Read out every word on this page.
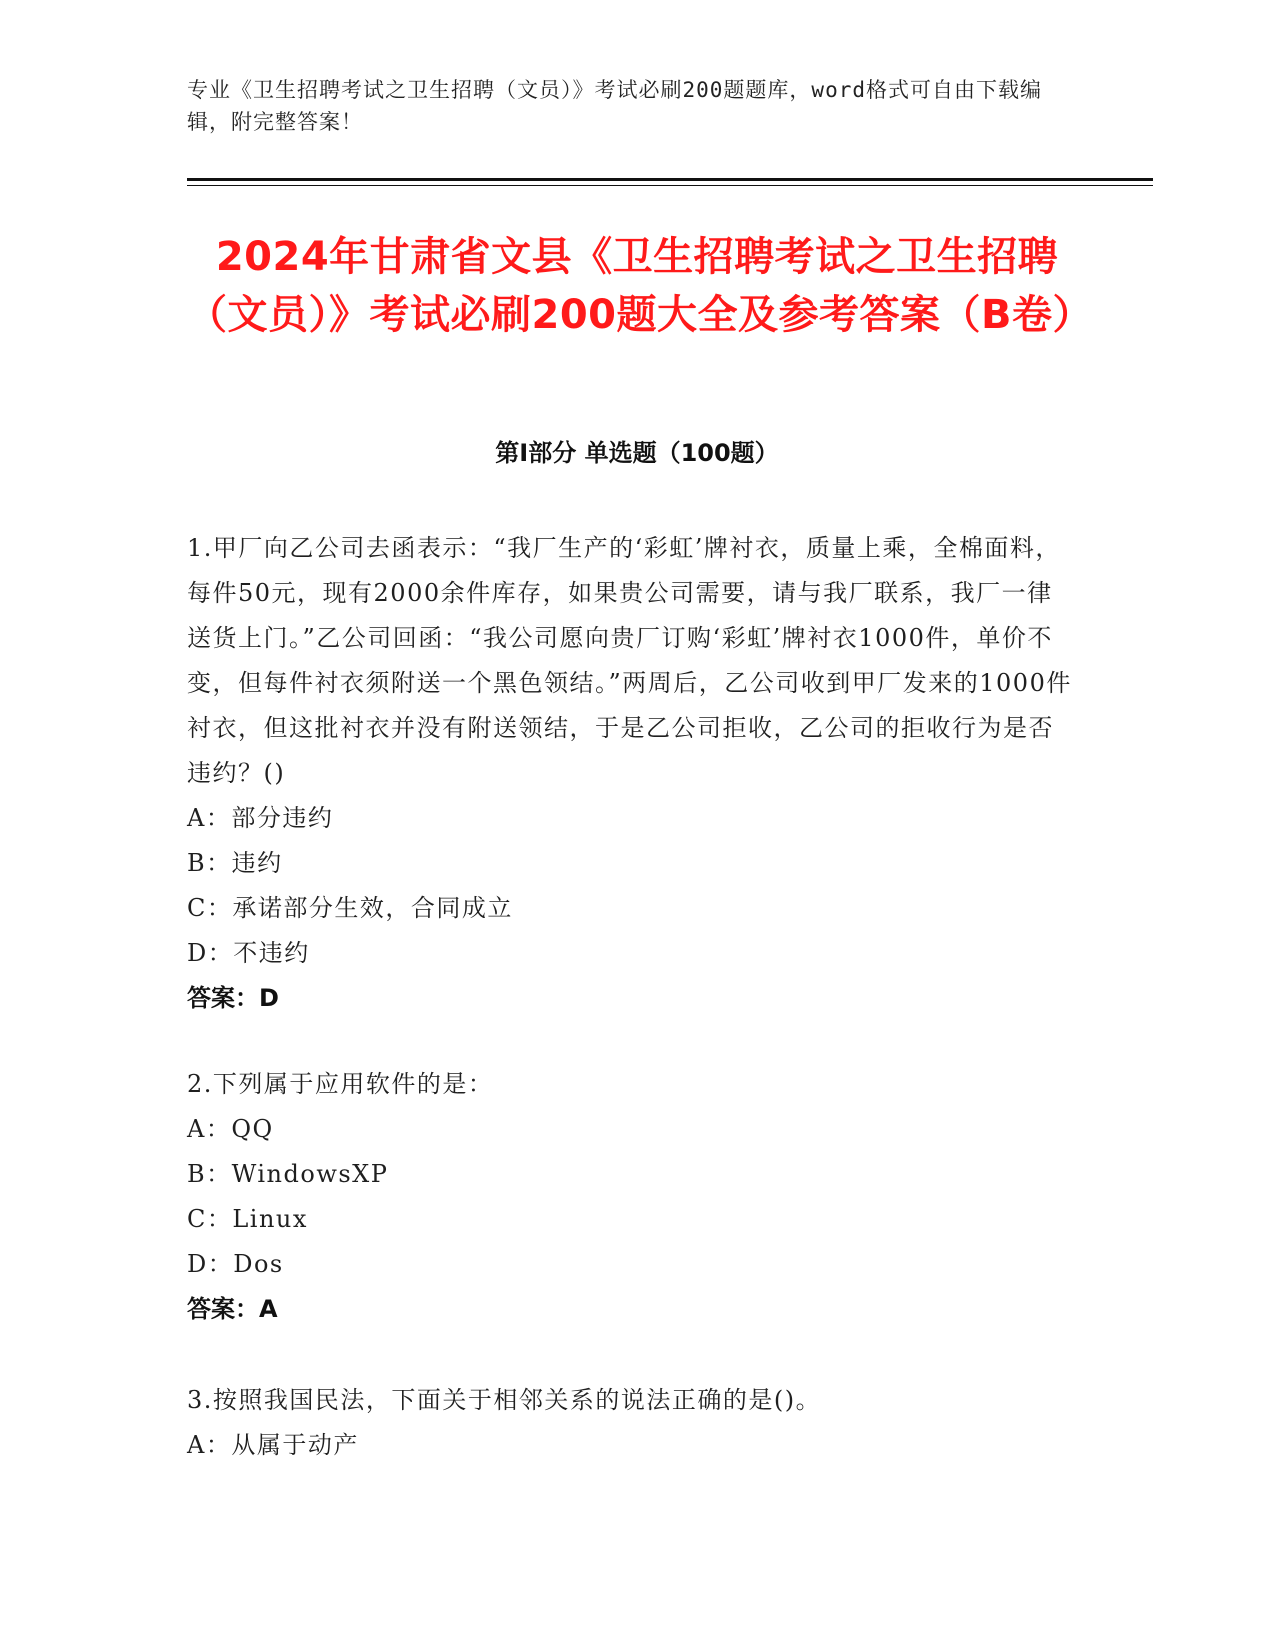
专业《卫生招聘考试之卫生招聘（文员）》考试必刷200题题库，word格式可自由下载编辑，附完整答案！
2024年甘肃省文县《卫生招聘考试之卫生招聘（文员）》考试必刷200题大全及参考答案（B卷）
第I部分 单选题（100题）

1.甲厂向乙公司去函表示：“我厂生产的‘彩虹’牌衬衣，质量上乘，全棉面料，每件50元，现有2000余件库存，如果贵公司需要，请与我厂联系，我厂一律送货上门。”乙公司回函：“我公司愿向贵厂订购‘彩虹’牌衬衣1000件，单价不变，但每件衬衣须附送一个黑色领结。”两周后，乙公司收到甲厂发来的1000件衬衣，但这批衬衣并没有附送领结，于是乙公司拒收，乙公司的拒收行为是否违约？()

A：部分违约

B：违约

C：承诺部分生效，合同成立

D：不违约

答案：D

2.下列属于应用软件的是：

A：QQ

B：WindowsXP

C：Linux

D：Dos

答案：A

3.按照我国民法，下面关于相邻关系的说法正确的是()。

A：从属于动产
